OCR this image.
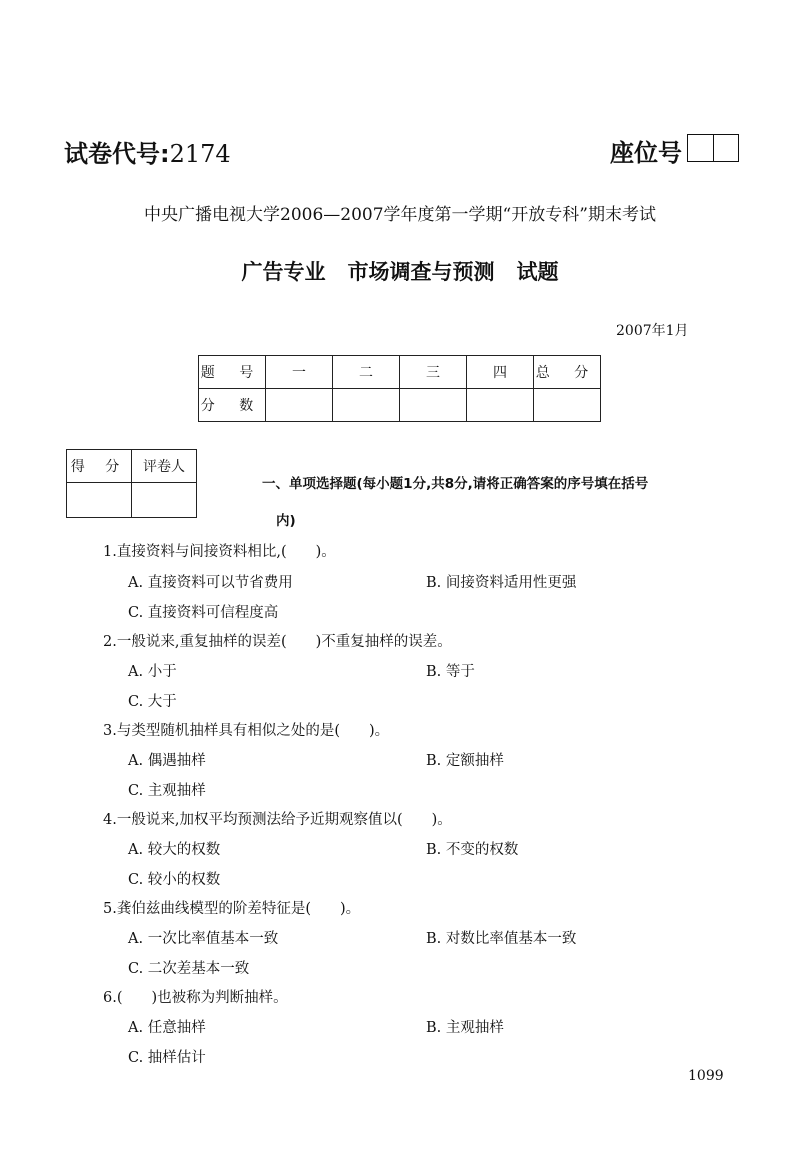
试卷代号:2174	座位号
中央广播电视大学2006—2007学年度第一学期“开放专科”期末考试
广告专业 市场调查与预测 试题
2007年1月
题 号	一	二	三	四	总 分
分 数					
得 分	评卷人

一、单项选择题(每小题1分,共8分,请将正确答案的序号填在括号
内)
1.直接资料与间接资料相比,(　　)。
A. 直接资料可以节省费用	B. 间接资料适用性更强
C. 直接资料可信程度高
2.一般说来,重复抽样的误差(　　)不重复抽样的误差。
A. 小于	B. 等于
C. 大于
3.与类型随机抽样具有相似之处的是(　　)。
A. 偶遇抽样	B. 定额抽样
C. 主观抽样
4.一般说来,加权平均预测法给予近期观察值以(　　)。
A. 较大的权数	B. 不变的权数
C. 较小的权数
5.龚伯兹曲线模型的阶差特征是(　　)。
A. 一次比率值基本一致	B. 对数比率值基本一致
C. 二次差基本一致
6.(　　)也被称为判断抽样。
A. 任意抽样	B. 主观抽样
C. 抽样估计
1099
